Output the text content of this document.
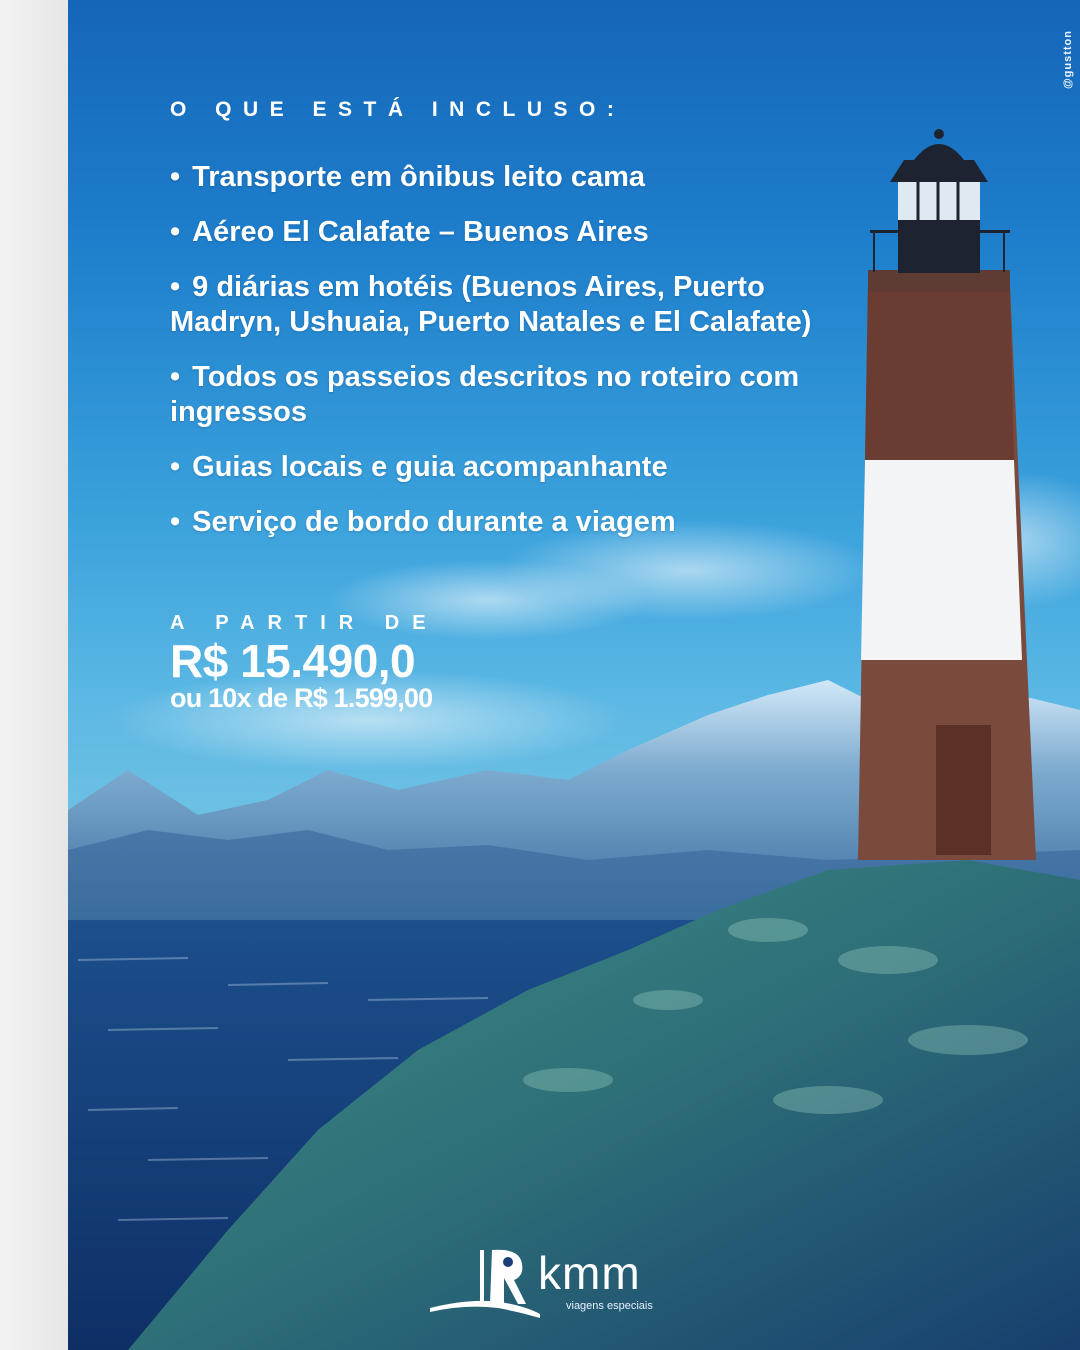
O QUE ESTÁ INCLUSO:
• Transporte em ônibus leito cama
• Aéreo El Calafate – Buenos Aires
• 9 diárias em hotéis (Buenos Aires, Puerto Madryn, Ushuaia, Puerto Natales e El Calafate)
• Todos os passeios descritos no roteiro com ingressos
• Guias locais e guia acompanhante
• Serviço de bordo durante a viagem
A PARTIR DE
R$ 15.490,0
ou 10x de R$ 1.599,00
@gustton
kmm
viagens especiais
